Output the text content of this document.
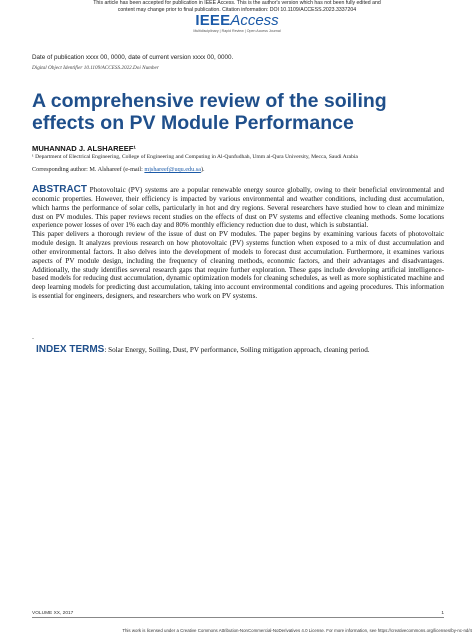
This article has been accepted for publication in IEEE Access. This is the author's version which has not been fully edited and
content may change prior to final publication. Citation information: DOI 10.1109/ACCESS.2023.3337204
IEEEAccess
Multidisciplinary | Rapid Review | Open Access Journal
Date of publication xxxx 00, 0000, date of current version xxxx 00, 0000.
Digital Object Identifier 10.1109/ACCESS.2022.Doi Number
A comprehensive review of the soiling effects on PV Module Performance
MUHANNAD J. ALSHAREEF¹
¹ Department of Electrical Engineering, College of Engineering and Computing in Al-Qunfudhah, Umm al-Qura University, Mecca, Saudi Arabia
Corresponding author: M. Alshareef (e-mail: mjshareef@uqu.edu.sa).

ABSTRACT Photovoltaic (PV) systems are a popular renewable energy source globally, owing to their beneficial environmental and economic properties. However, their efficiency is impacted by various environmental and weather conditions, including dust accumulation, which harms the performance of solar cells, particularly in hot and dry regions. Several researchers have studied how to clean and minimize dust on PV modules. This paper reviews recent studies on the effects of dust on PV systems and effective cleaning methods. Some locations experience power losses of over 1% each day and 80% monthly efficiency reduction due to dust, which is substantial.

This paper delivers a thorough review of the issue of dust on PV modules. The paper begins by examining various facets of photovoltaic module design. It analyzes previous research on how photovoltaic (PV) systems function when exposed to a mix of dust accumulation and other environmental factors. It also delves into the development of models to forecast dust accumulation. Furthermore, it examines various aspects of PV module design, including the frequency of cleaning methods, economic factors, and their advantages and disadvantages. Additionally, the study identifies several research gaps that require further exploration. These gaps include developing artificial intelligence-based models for reducing dust accumulation, dynamic optimization models for cleaning schedules, as well as more sophisticated machine and deep learning models for predicting dust accumulation, taking into account environmental conditions and ageing procedures. This information is essential for engineers, designers, and researchers who work on PV systems.

-
INDEX TERMS: Solar Energy, Soiling, Dust, PV performance, Soiling mitigation approach, cleaning period.
VOLUME XX, 2017	1
This work is licensed under a Creative Commons Attribution-NonCommercial-NoDerivatives 4.0 License. For more information, see https://creativecommons.org/licenses/by-nc-nd/4
